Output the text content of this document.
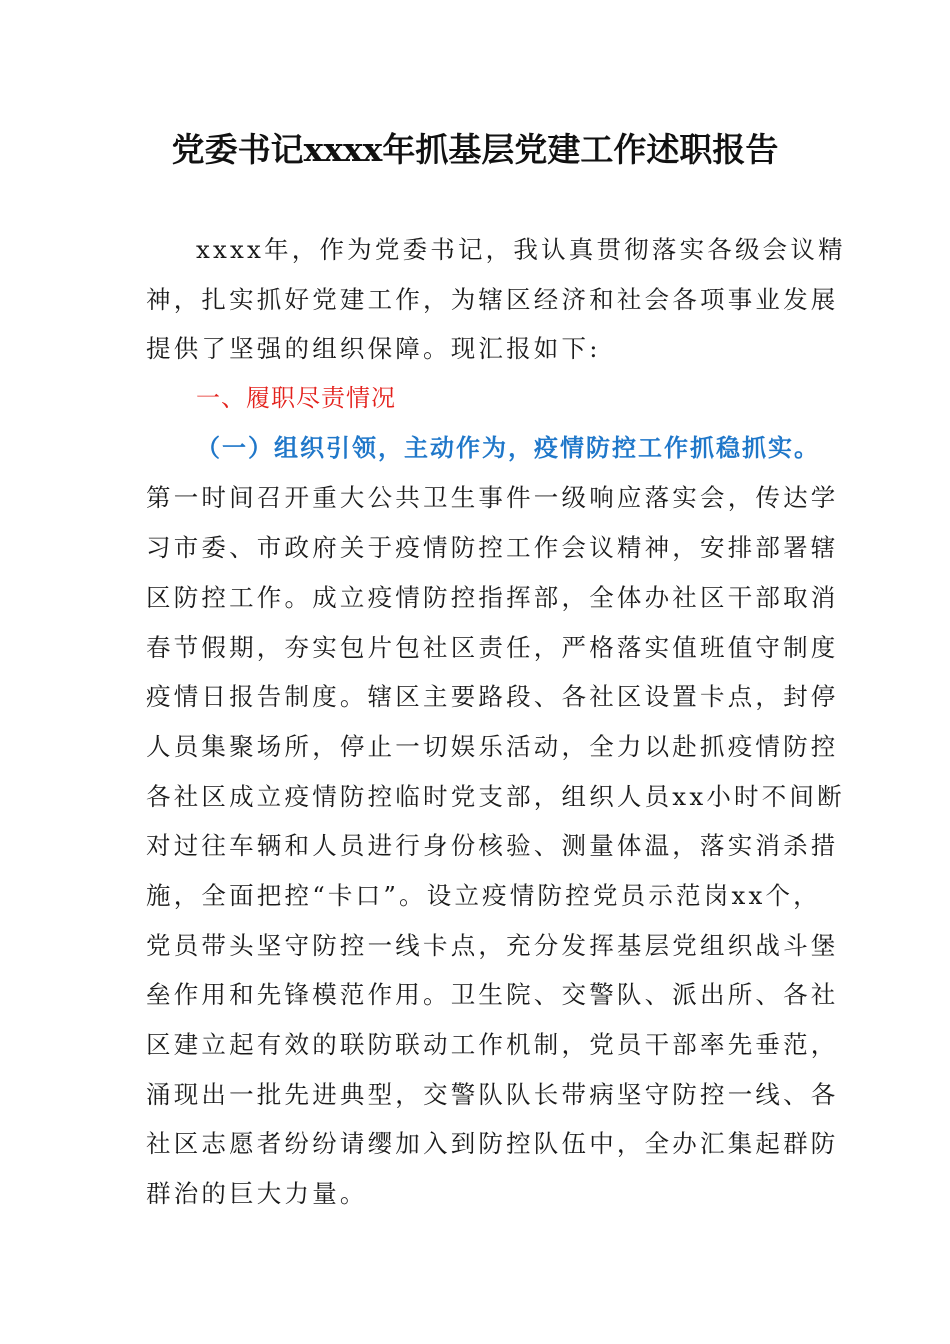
党委书记xxxx年抓基层党建工作述职报告
xxxx年，作为党委书记，我认真贯彻落实各级会议精
神，扎实抓好党建工作，为辖区经济和社会各项事业发展
提供了坚强的组织保障。现汇报如下:
一、履职尽责情况
（一）组织引领，主动作为，疫情防控工作抓稳抓实。
第一时间召开重大公共卫生事件一级响应落实会，传达学
习市委、市政府关于疫情防控工作会议精神，安排部署辖
区防控工作。成立疫情防控指挥部，全体办社区干部取消
春节假期，夯实包片包社区责任，严格落实值班值守制度
疫情日报告制度。辖区主要路段、各社区设置卡点，封停
人员集聚场所，停止一切娱乐活动，全力以赴抓疫情防控
各社区成立疫情防控临时党支部，组织人员xx小时不间断
对过往车辆和人员进行身份核验、测量体温，落实消杀措
施，全面把控“卡口”。设立疫情防控党员示范岗xx个，
党员带头坚守防控一线卡点，充分发挥基层党组织战斗堡
垒作用和先锋模范作用。卫生院、交警队、派出所、各社
区建立起有效的联防联动工作机制，党员干部率先垂范，
涌现出一批先进典型，交警队队长带病坚守防控一线、各
社区志愿者纷纷请缨加入到防控队伍中，全办汇集起群防
群治的巨大力量。
